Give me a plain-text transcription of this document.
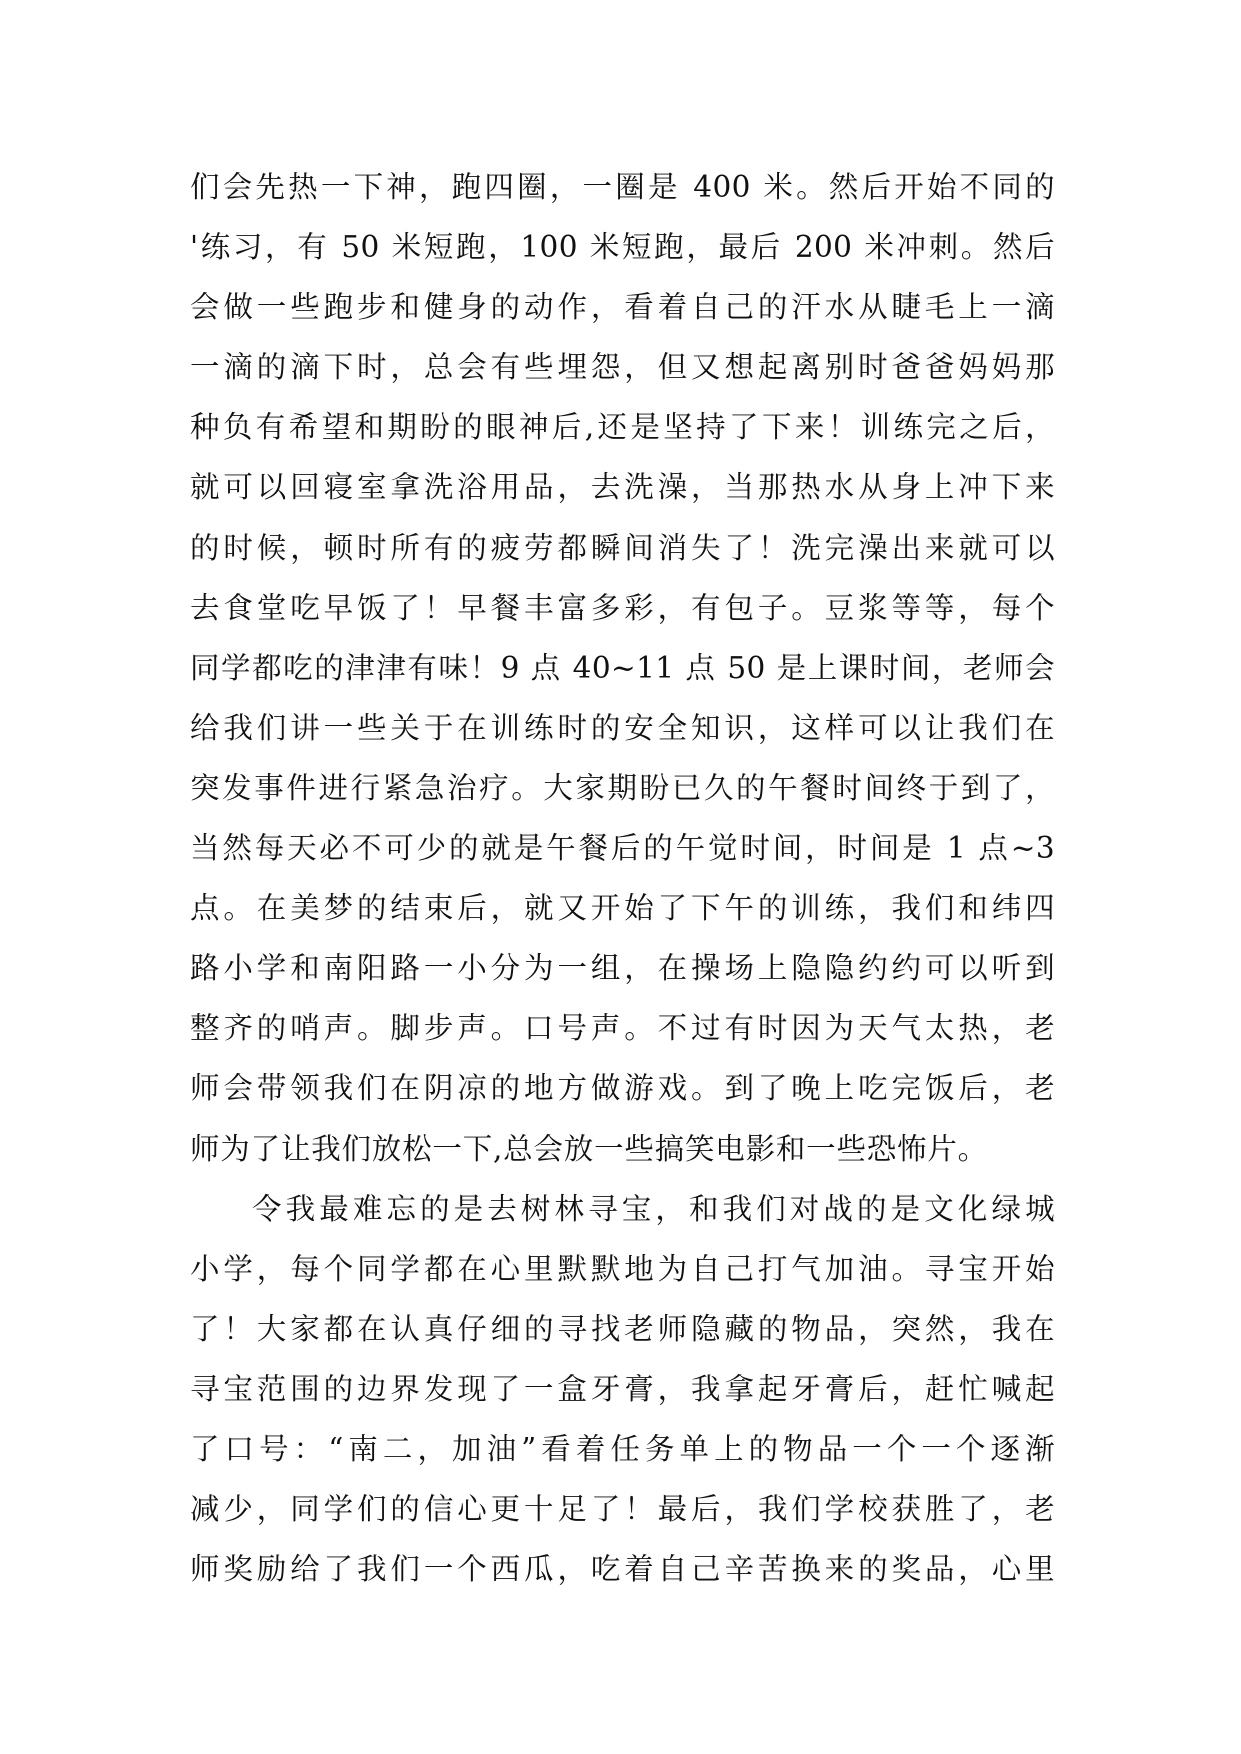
们会先热一下神，跑四圈，一圈是 400 米。然后开始不同的
'练习，有 50 米短跑，100 米短跑，最后 200 米冲刺。然后
会做一些跑步和健身的动作，看着自己的汗水从睫毛上一滴
一滴的滴下时，总会有些埋怨，但又想起离别时爸爸妈妈那
种负有希望和期盼的眼神后,还是坚持了下来！训练完之后，
就可以回寝室拿洗浴用品，去洗澡，当那热水从身上冲下来
的时候，顿时所有的疲劳都瞬间消失了！洗完澡出来就可以
去食堂吃早饭了！早餐丰富多彩，有包子。豆浆等等，每个
同学都吃的津津有味！9 点 40~11 点 50 是上课时间，老师会
给我们讲一些关于在训练时的安全知识，这样可以让我们在
突发事件进行紧急治疗。大家期盼已久的午餐时间终于到了，
当然每天必不可少的就是午餐后的午觉时间，时间是 1 点~3
点。在美梦的结束后，就又开始了下午的训练，我们和纬四
路小学和南阳路一小分为一组，在操场上隐隐约约可以听到
整齐的哨声。脚步声。口号声。不过有时因为天气太热，老
师会带领我们在阴凉的地方做游戏。到了晚上吃完饭后，老
师为了让我们放松一下,总会放一些搞笑电影和一些恐怖片。
令我最难忘的是去树林寻宝，和我们对战的是文化绿城
小学，每个同学都在心里默默地为自己打气加油。寻宝开始
了！大家都在认真仔细的寻找老师隐藏的物品，突然，我在
寻宝范围的边界发现了一盒牙膏，我拿起牙膏后，赶忙喊起
了口号：“南二，加油”看着任务单上的物品一个一个逐渐
减少，同学们的信心更十足了！最后，我们学校获胜了，老
师奖励给了我们一个西瓜，吃着自己辛苦换来的奖品，心里
